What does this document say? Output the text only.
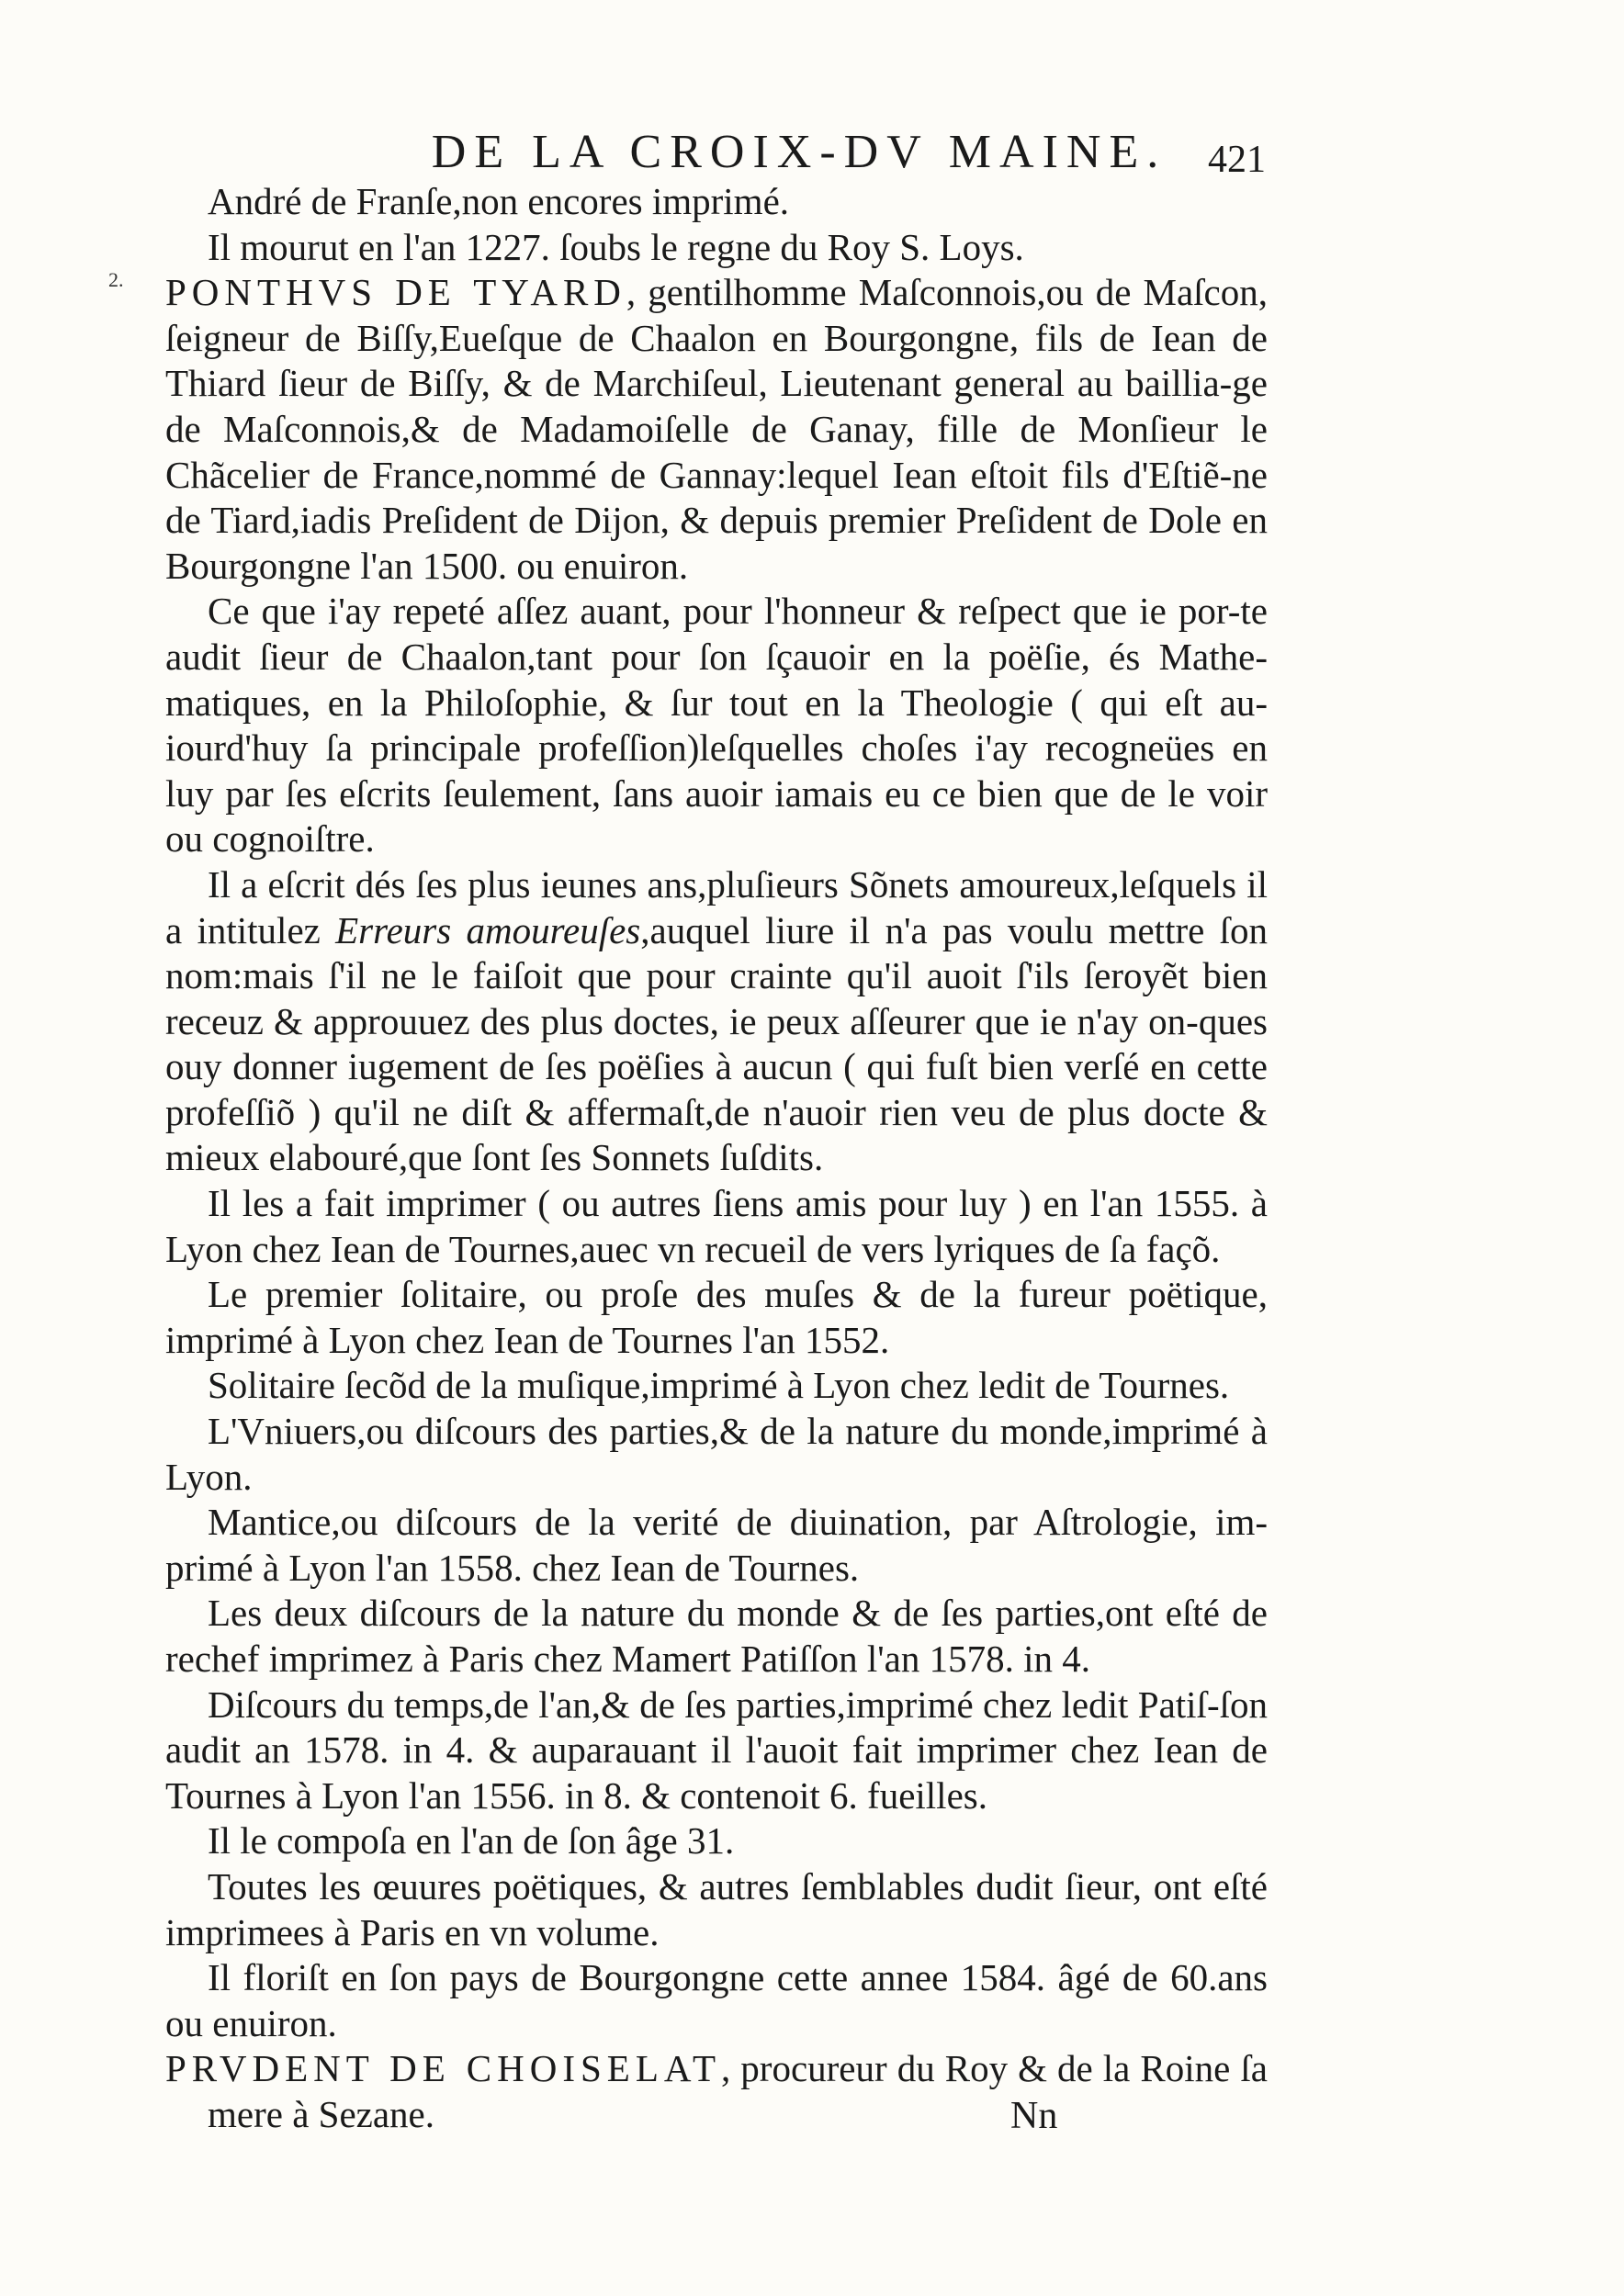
DE LA CROIX-DV MAINE.	421
2.

André de Franſe,non encores imprimé.

Il mourut en l'an 1227. ſoubs le regne du Roy S. Loys.

PONTHVS DE TYARD, gentilhomme Maſconnois,ou de Maſcon, ſeigneur de Biſſy,Eueſque de Chaalon en Bourgongne, fils de Iean de Thiard ſieur de Biſſy, & de Marchiſeul, Lieutenant general au baillia-ge de Maſconnois,& de Madamoiſelle de Ganay, fille de Monſieur le Chãcelier de France,nommé de Gannay:lequel Iean eſtoit fils d'Eſtiẽ-ne de Tiard,iadis Preſident de Dijon, & depuis premier Preſident de Dole en Bourgongne l'an 1500. ou enuiron.

Ce que i'ay repeté aſſez auant, pour l'honneur & reſpect que ie por-te audit ſieur de Chaalon,tant pour ſon ſçauoir en la poëſie, és Mathe-matiques, en la Philoſophie, & ſur tout en la Theologie ( qui eſt au-iourd'huy ſa principale profeſſion)leſquelles choſes i'ay recogneües en luy par ſes eſcrits ſeulement, ſans auoir iamais eu ce bien que de le voir ou cognoiſtre.

Il a eſcrit dés ſes plus ieunes ans,pluſieurs Sõnets amoureux,leſquels il a intitulez Erreurs amoureuſes,auquel liure il n'a pas voulu mettre ſon nom:mais ſ'il ne le faiſoit que pour crainte qu'il auoit ſ'ils ſeroyẽt bien receuz & approuuez des plus doctes, ie peux aſſeurer que ie n'ay on-ques ouy donner iugement de ſes poëſies à aucun ( qui fuſt bien verſé en cette profeſſiõ ) qu'il ne diſt & affermaſt,de n'auoir rien veu de plus docte & mieux elabouré,que ſont ſes Sonnets ſuſdits.

Il les a fait imprimer ( ou autres ſiens amis pour luy ) en l'an 1555. à Lyon chez Iean de Tournes,auec vn recueil de vers lyriques de ſa façõ.

Le premier ſolitaire, ou proſe des muſes & de la fureur poëtique, imprimé à Lyon chez Iean de Tournes l'an 1552.

Solitaire ſecõd de la muſique,imprimé à Lyon chez ledit de Tournes.

L'Vniuers,ou diſcours des parties,& de la nature du monde,imprimé à Lyon.

Mantice,ou diſcours de la verité de diuination, par Aſtrologie, im-primé à Lyon l'an 1558. chez Iean de Tournes.

Les deux diſcours de la nature du monde & de ſes parties,ont eſté de rechef imprimez à Paris chez Mamert Patiſſon l'an 1578. in 4.

Diſcours du temps,de l'an,& de ſes parties,imprimé chez ledit Patiſ-ſon audit an 1578. in 4. & auparauant il l'auoit fait imprimer chez Iean de Tournes à Lyon l'an 1556. in 8. & contenoit 6. fueilles.

Il le compoſa en l'an de ſon âge 31.

Toutes les œuures poëtiques, & autres ſemblables dudit ſieur, ont eſté imprimees à Paris en vn volume.

Il floriſt en ſon pays de Bourgongne cette annee 1584. âgé de 60.ans ou enuiron.

PRVDENT DE CHOISELAT, procureur du Roy & de la Roine ſa mere à Sezane.	Nn
